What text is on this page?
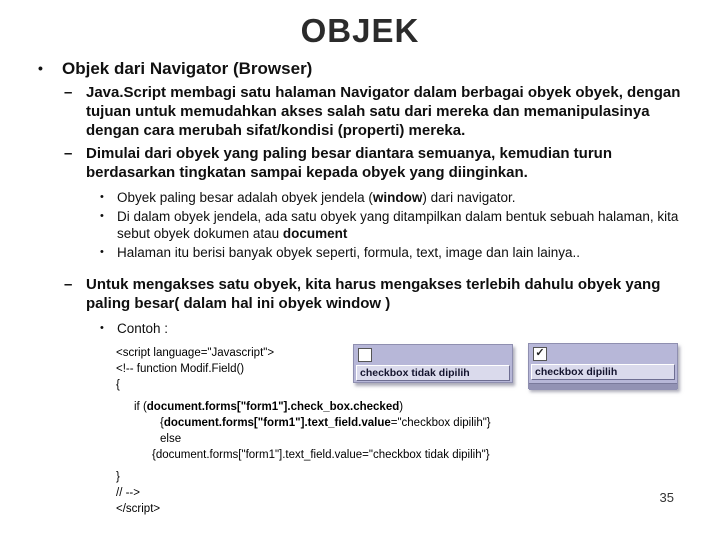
OBJEK
•	Objek dari Navigator (Browser)
– Java.Script membagi satu halaman Navigator dalam berbagai obyek obyek, dengan tujuan untuk memudahkan akses salah satu dari mereka dan memanipulasinya dengan cara merubah sifat/kondisi (properti) mereka.
– Dimulai dari obyek yang paling besar diantara semuanya, kemudian turun berdasarkan tingkatan sampai kepada obyek yang diinginkan.
• Obyek paling besar adalah obyek jendela (window) dari navigator.
• Di dalam obyek jendela, ada satu obyek yang ditampilkan dalam bentuk sebuah halaman, kita sebut obyek dokumen atau document
• Halaman itu berisi banyak obyek seperti, formula, text, image dan lain lainya..
– Untuk mengakses satu obyek, kita harus mengakses terlebih dahulu obyek yang paling besar( dalam hal ini obyek window )
• Contoh :
<script language="Javascript">
<!-- function Modif.Field()
{
if (document.forms["form1"].check_box.checked)
{document.forms["form1"].text_field.value="checkbox dipilih"}
else
{document.forms["form1"].text_field.value="checkbox tidak dipilih"}
}
// -->
</script>
checkbox tidak dipilih
✓
checkbox dipilih
35
